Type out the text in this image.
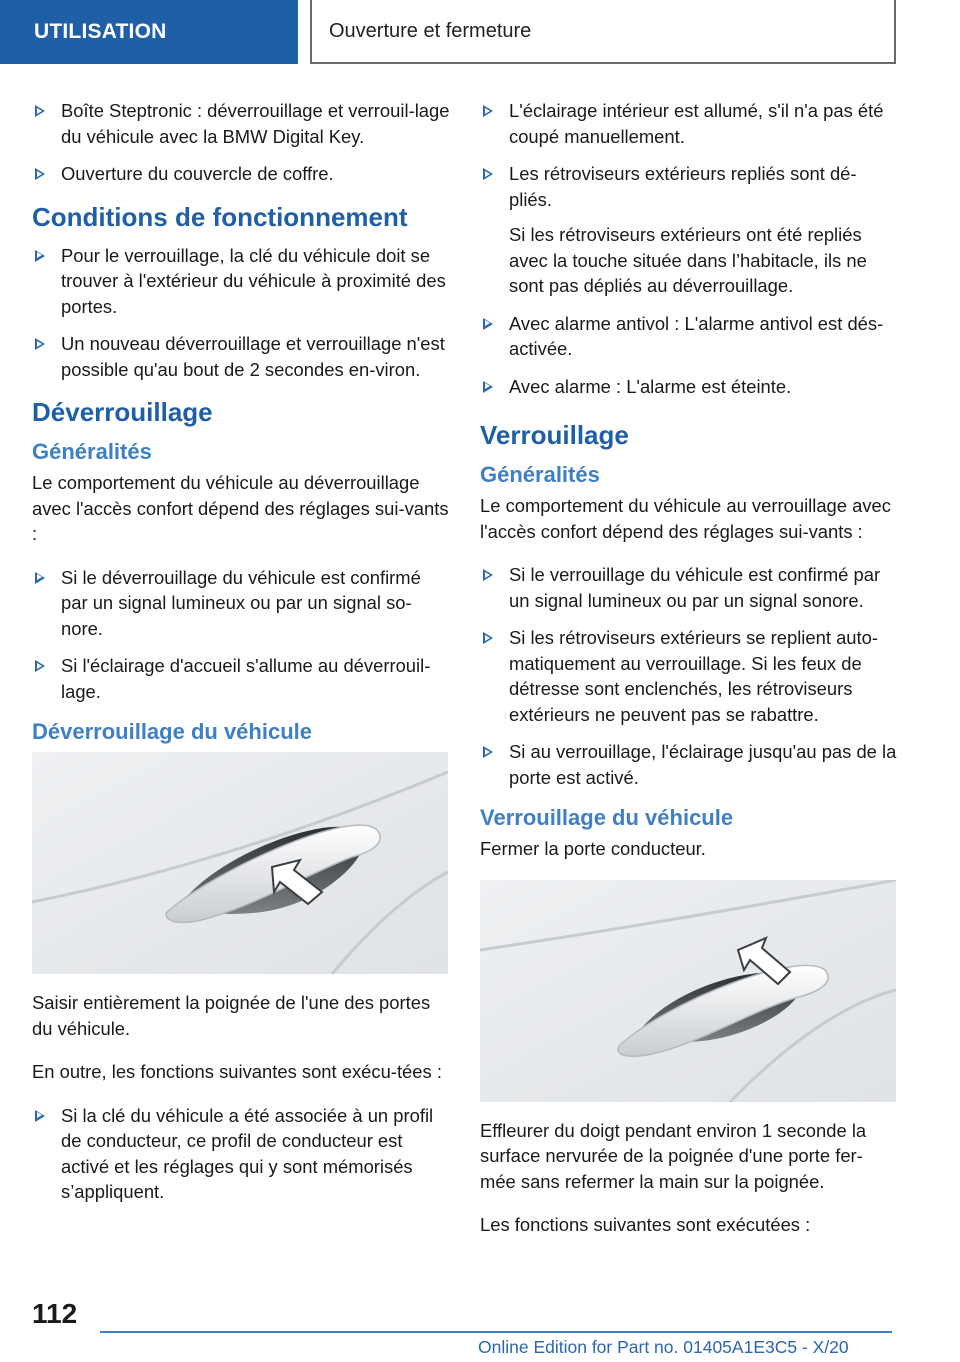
UTILISATION	Ouverture et fermeture
Boîte Steptronic : déverrouillage et verrouil-lage du véhicule avec la BMW Digital Key.
Ouverture du couvercle de coffre.
Conditions de fonctionnement
Pour le verrouillage, la clé du véhicule doit se trouver à l'extérieur du véhicule à proximité des portes.
Un nouveau déverrouillage et verrouillage n'est possible qu'au bout de 2 secondes en-viron.
Déverrouillage
Généralités

Le comportement du véhicule au déverrouillage avec l'accès confort dépend des réglages sui-vants :

Si le déverrouillage du véhicule est confirmé par un signal lumineux ou par un signal so-nore.
Si l'éclairage d'accueil s'allume au déverrouil-lage.
Déverrouillage du véhicule

Saisir entièrement la poignée de l'une des portes du véhicule.

En outre, les fonctions suivantes sont exécu-tées :

Si la clé du véhicule a été associée à un profil de conducteur, ce profil de conducteur est activé et les réglages qui y sont mémorisés s’appliquent.
L'éclairage intérieur est allumé, s'il n'a pas été coupé manuellement.
Les rétroviseurs extérieurs repliés sont dé-pliés.
Si les rétroviseurs extérieurs ont été repliés avec la touche située dans l’habitacle, ils ne sont pas dépliés au déverrouillage.
Avec alarme antivol : L'alarme antivol est dés-activée.
Avec alarme : L'alarme est éteinte.
Verrouillage
Généralités

Le comportement du véhicule au verrouillage avec l'accès confort dépend des réglages sui-vants :

Si le verrouillage du véhicule est confirmé par un signal lumineux ou par un signal sonore.
Si les rétroviseurs extérieurs se replient auto-matiquement au verrouillage. Si les feux de détresse sont enclenchés, les rétroviseurs extérieurs ne peuvent pas se rabattre.
Si au verrouillage, l'éclairage jusqu'au pas de la porte est activé.
Verrouillage du véhicule

Fermer la porte conducteur.

Effleurer du doigt pendant environ 1 seconde la surface nervurée de la poignée d'une porte fer-mée sans refermer la main sur la poignée.

Les fonctions suivantes sont exécutées :

112
Online Edition for Part no. 01405A1E3C5 - X/20
